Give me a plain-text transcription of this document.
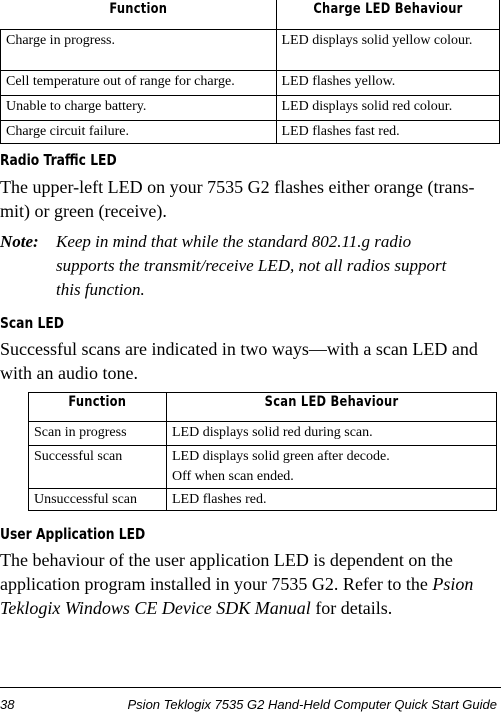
Function	Charge LED Behaviour
Charge in progress.	LED displays solid yellow colour.
Cell temperature out of range for charge.	LED flashes yellow.
Unable to charge battery.	LED displays solid red colour.
Charge circuit failure.	LED flashes fast red.
Radio Traffic LED
The upper-left LED on your 7535 G2 flashes either orange (trans-
mit) or green (receive).
Note: Keep in mind that while the standard 802.11.g radio
supports the transmit/receive LED, not all radios support
this function.
Scan LED
Successful scans are indicated in two ways—with a scan LED and
with an audio tone.
Function	Scan LED Behaviour
Scan in progress	LED displays solid red during scan.
Successful scan	LED displays solid green after decode.
Off when scan ended.

Unsuccessful scan	LED flashes red.
User Application LED
The behaviour of the user application LED is dependent on the
application program installed in your 7535 G2. Refer to the Psion
Teklogix Windows CE Device SDK Manual for details.
38	Psion Teklogix 7535 G2 Hand-Held Computer Quick Start Guide
